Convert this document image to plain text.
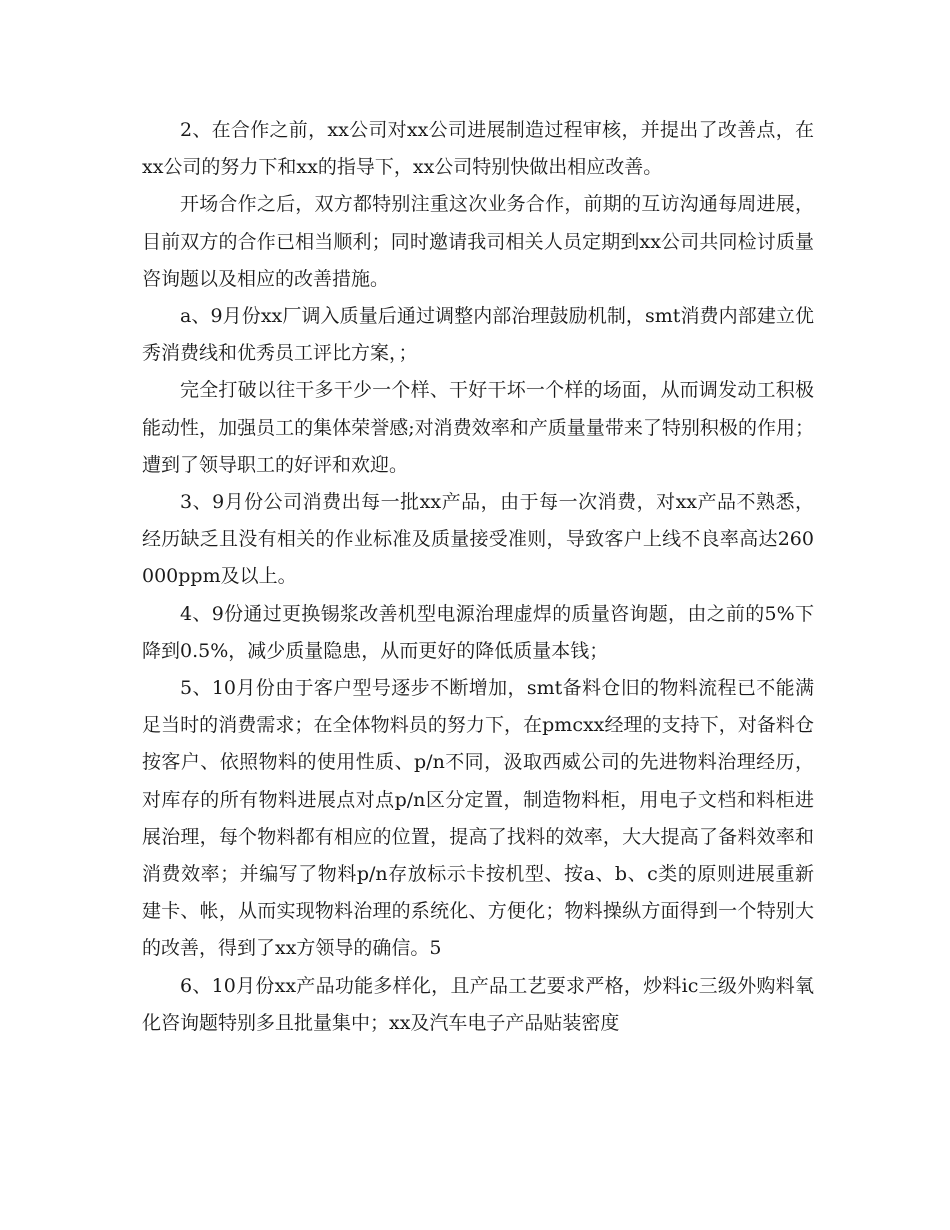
2、在合作之前，xx公司对xx公司进展制造过程审核，并提出了改善点，在xx公司的努力下和xx的指导下，xx公司特别快做出相应改善。

开场合作之后，双方都特别注重这次业务合作，前期的互访沟通每周进展，目前双方的合作已相当顺利；同时邀请我司相关人员定期到xx公司共同检讨质量咨询题以及相应的改善措施。

a、9月份xx厂调入质量后通过调整内部治理鼓励机制，smt消费内部建立优秀消费线和优秀员工评比方案，；

完全打破以往干多干少一个样、干好干坏一个样的场面，从而调发动工积极能动性，加强员工的集体荣誉感;对消费效率和产质量量带来了特别积极的作用；遭到了领导职工的好评和欢迎。

3、9月份公司消费出每一批xx产品，由于每一次消费，对xx产品不熟悉，经历缺乏且没有相关的作业标准及质量接受准则，导致客户上线不良率高达260000ppm及以上。

4、9份通过更换锡浆改善机型电源治理虚焊的质量咨询题，由之前的5%下降到0.5%，减少质量隐患，从而更好的降低质量本钱；

5、10月份由于客户型号逐步不断增加，smt备料仓旧的物料流程已不能满足当时的消费需求；在全体物料员的努力下，在pmcxx经理的支持下，对备料仓按客户、依照物料的使用性质、p/n不同，汲取西威公司的先进物料治理经历，对库存的所有物料进展点对点p/n区分定置，制造物料柜，用电子文档和料柜进展治理，每个物料都有相应的位置，提高了找料的效率，大大提高了备料效率和消费效率；并编写了物料p/n存放标示卡按机型、按a、b、c类的原则进展重新建卡、帐，从而实现物料治理的系统化、方便化；物料操纵方面得到一个特别大的改善，得到了xx方领导的确信。5

6、10月份xx产品功能多样化，且产品工艺要求严格，炒料ic三级外购料氧化咨询题特别多且批量集中；xx及汽车电子产品贴装密度
